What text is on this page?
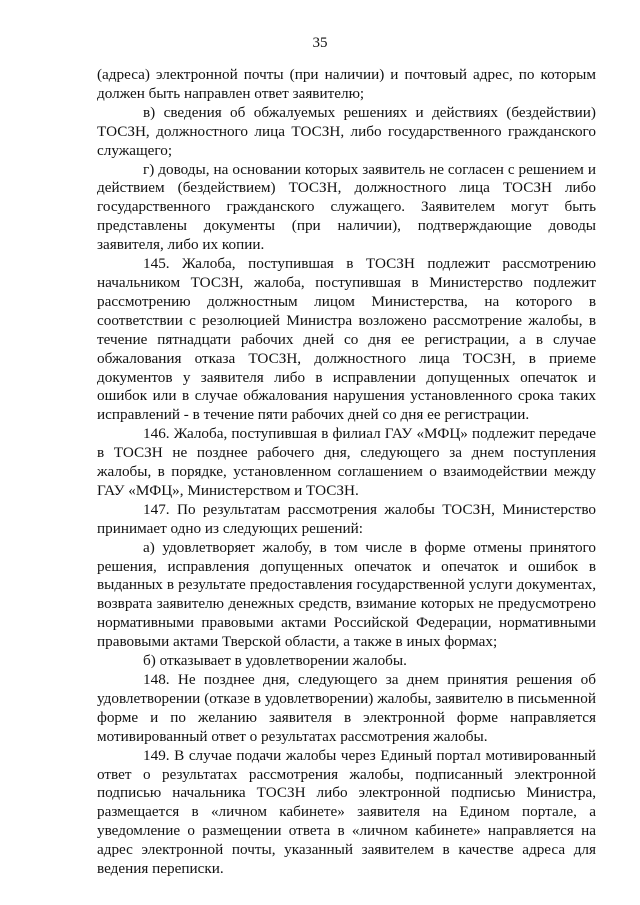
35

(адреса) электронной почты (при наличии) и почтовый адрес, по которым должен быть направлен ответ заявителю;

в) сведения об обжалуемых решениях и действиях (бездействии) ТОСЗН, должностного лица ТОСЗН, либо государственного гражданского служащего;

г) доводы, на основании которых заявитель не согласен с решением и действием (бездействием) ТОСЗН, должностного лица ТОСЗН либо государственного гражданского служащего. Заявителем могут быть представлены документы (при наличии), подтверждающие доводы заявителя, либо их копии.

145. Жалоба, поступившая в ТОСЗН подлежит рассмотрению начальником ТОСЗН, жалоба, поступившая в Министерство подлежит рассмотрению должностным лицом Министерства, на которого в соответствии с резолюцией Министра возложено рассмотрение жалобы, в течение пятнадцати рабочих дней со дня ее регистрации, а в случае обжалования отказа ТОСЗН, должностного лица ТОСЗН, в приеме документов у заявителя либо в исправлении допущенных опечаток и ошибок или в случае обжалования нарушения установленного срока таких исправлений - в течение пяти рабочих дней со дня ее регистрации.

146. Жалоба, поступившая в филиал ГАУ «МФЦ» подлежит передаче в ТОСЗН не позднее рабочего дня, следующего за днем поступления жалобы, в порядке, установленном соглашением о взаимодействии между ГАУ «МФЦ», Министерством и ТОСЗН.

147. По результатам рассмотрения жалобы ТОСЗН, Министерство принимает одно из следующих решений:

а) удовлетворяет жалобу, в том числе в форме отмены принятого решения, исправления допущенных опечаток и опечаток и ошибок в выданных в результате предоставления государственной услуги документах, возврата заявителю денежных средств, взимание которых не предусмотрено нормативными правовыми актами Российской Федерации, нормативными правовыми актами Тверской области, а также в иных формах;

б) отказывает в удовлетворении жалобы.

148. Не позднее дня, следующего за днем принятия решения об удовлетворении (отказе в удовлетворении) жалобы, заявителю в письменной форме и по желанию заявителя в электронной форме направляется мотивированный ответ о результатах рассмотрения жалобы.

149. В случае подачи жалобы через Единый портал мотивированный ответ о результатах рассмотрения жалобы, подписанный электронной подписью начальника ТОСЗН либо электронной подписью Министра, размещается в «личном кабинете» заявителя на Едином портале, а уведомление о размещении ответа в «личном кабинете» направляется на адрес электронной почты, указанный заявителем в качестве адреса для ведения переписки.
